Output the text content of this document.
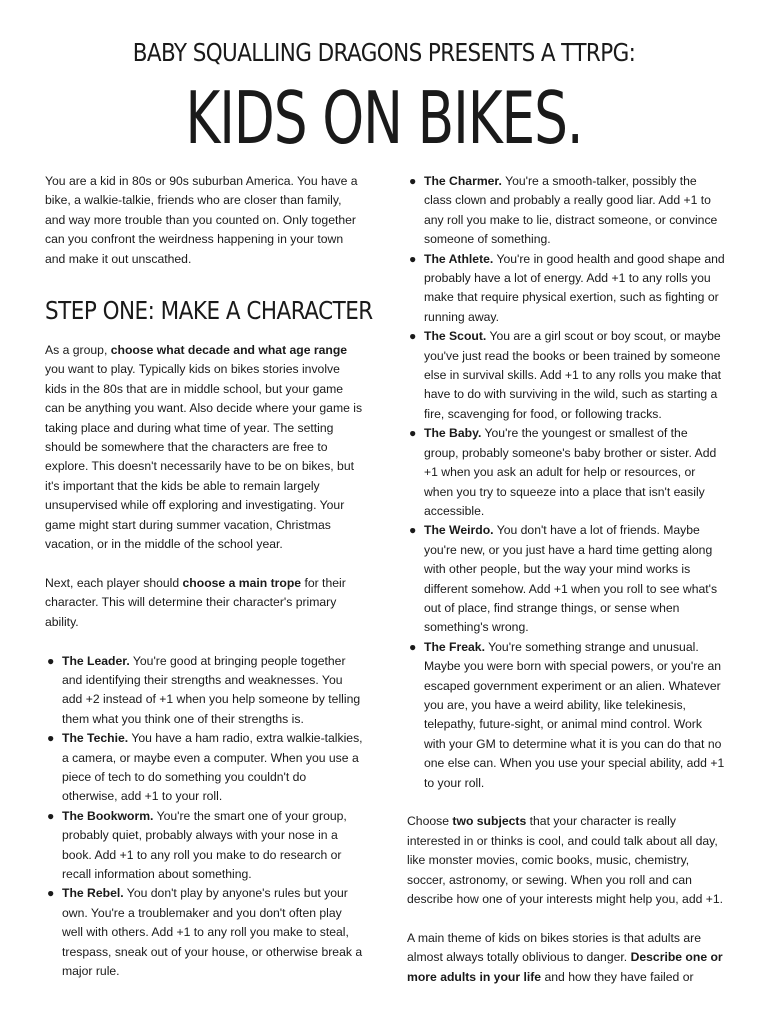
BABY SQUALLING DRAGONS PRESENTS A TTRPG:
KIDS ON BIKES.

You are a kid in 80s or 90s suburban America. You have a bike, a walkie-talkie, friends who are closer than family, and way more trouble than you counted on. Only together can you confront the weirdness happening in your town and make it out unscathed.

STEP ONE: MAKE A CHARACTER

As a group, choose what decade and what age range you want to play. Typically kids on bikes stories involve kids in the 80s that are in middle school, but your game can be anything you want. Also decide where your game is taking place and during what time of year. The setting should be somewhere that the characters are free to explore. This doesn't necessarily have to be on bikes, but it's important that the kids be able to remain largely unsupervised while off exploring and investigating. Your game might start during summer vacation, Christmas vacation, or in the middle of the school year.

Next, each player should choose a main trope for their character. This will determine their character's primary ability.

● The Leader. You're good at bringing people together and identifying their strengths and weaknesses. You add +2 instead of +1 when you help someone by telling them what you think one of their strengths is.
● The Techie. You have a ham radio, extra walkie-talkies, a camera, or maybe even a computer. When you use a piece of tech to do something you couldn't do otherwise, add +1 to your roll.
● The Bookworm. You're the smart one of your group, probably quiet, probably always with your nose in a book. Add +1 to any roll you make to do research or recall information about something.
● The Rebel. You don't play by anyone's rules but your own. You're a troublemaker and you don't often play well with others. Add +1 to any roll you make to steal, trespass, sneak out of your house, or otherwise break a major rule.
● The Charmer. You're a smooth-talker, possibly the class clown and probably a really good liar. Add +1 to any roll you make to lie, distract someone, or convince someone of something.
● The Athlete. You're in good health and good shape and probably have a lot of energy. Add +1 to any rolls you make that require physical exertion, such as fighting or running away.
● The Scout. You are a girl scout or boy scout, or maybe you've just read the books or been trained by someone else in survival skills. Add +1 to any rolls you make that have to do with surviving in the wild, such as starting a fire, scavenging for food, or following tracks.
● The Baby. You're the youngest or smallest of the group, probably someone's baby brother or sister. Add +1 when you ask an adult for help or resources, or when you try to squeeze into a place that isn't easily accessible.
● The Weirdo. You don't have a lot of friends. Maybe you're new, or you just have a hard time getting along with other people, but the way your mind works is different somehow. Add +1 when you roll to see what's out of place, find strange things, or sense when something's wrong.
● The Freak. You're something strange and unusual. Maybe you were born with special powers, or you're an escaped government experiment or an alien. Whatever you are, you have a weird ability, like telekinesis, telepathy, future-sight, or animal mind control. Work with your GM to determine what it is you can do that no one else can. When you use your special ability, add +1 to your roll.

Choose two subjects that your character is really interested in or thinks is cool, and could talk about all day, like monster movies, comic books, music, chemistry, soccer, astronomy, or sewing. When you roll and can describe how one of your interests might help you, add +1.

A main theme of kids on bikes stories is that adults are almost always totally oblivious to danger. Describe one or more adults in your life and how they have failed or
